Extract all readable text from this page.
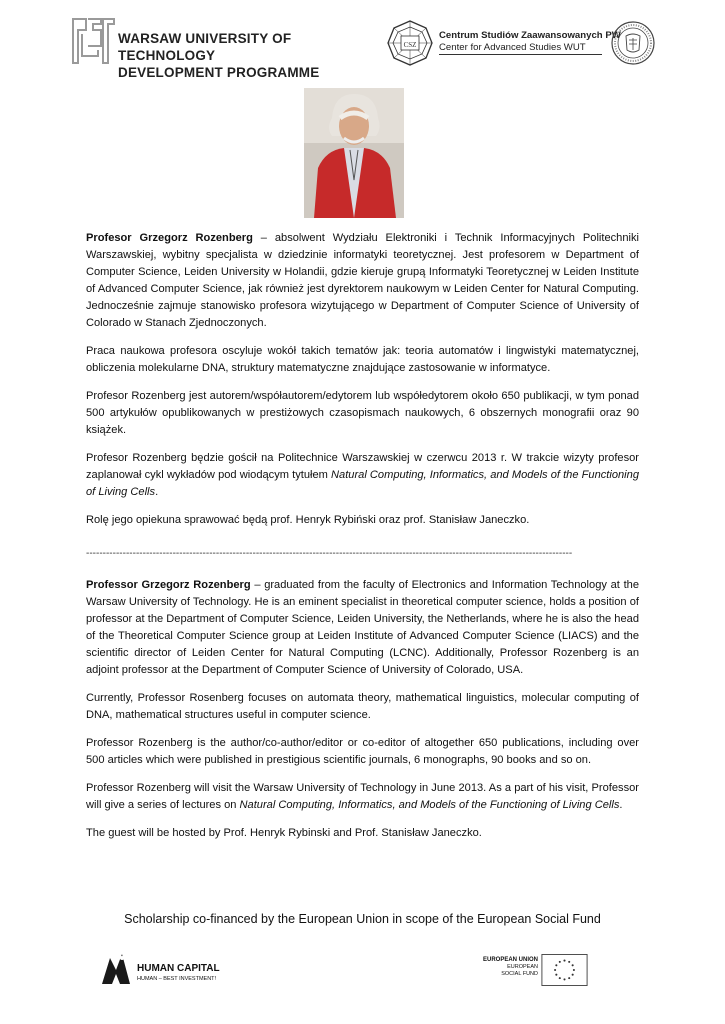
WARSAW UNIVERSITY OF TECHNOLOGY
DEVELOPMENT PROGRAMME
CSZ
Centrum Studiów Zaawansowanych PW
Center for Advanced Studies WUT

Profesor Grzegorz Rozenberg – absolwent Wydziału Elektroniki i Technik Informacyjnych Politechniki Warszawskiej, wybitny specjalista w dziedzinie informatyki teoretycznej. Jest profesorem w Department of Computer Science, Leiden University w Holandii, gdzie kieruje grupą Informatyki Teoretycznej w Leiden Institute of Advanced Computer Science, jak również jest dyrektorem naukowym w Leiden Center for Natural Computing. Jednocześnie zajmuje stanowisko profesora wizytującego w Department of Computer Science of University of Colorado w Stanach Zjednoczonych.

Praca naukowa profesora oscyluje wokół takich tematów jak: teoria automatów i lingwistyki matematycznej, obliczenia molekularne DNA, struktury matematyczne znajdujące zastosowanie w informatyce.

Profesor Rozenberg jest autorem/współautorem/edytorem lub współedytorem około 650 publikacji, w tym ponad 500 artykułów opublikowanych w prestiżowych czasopismach naukowych, 6 obszernych monografii oraz 90 książek.

Profesor Rozenberg będzie gościł na Politechnice Warszawskiej w czerwcu 2013 r. W trakcie wizyty profesor zaplanował cykl wykładów pod wiodącym tytułem Natural Computing, Informatics, and Models of the Functioning of Living Cells.

Rolę jego opiekuna sprawować będą prof. Henryk Rybiński oraz prof. Stanisław Janeczko.

--------------------------------------------------------------------------------------------------------------------------------------------------

Professor Grzegorz Rozenberg – graduated from the faculty of Electronics and Information Technology at the Warsaw University of Technology. He is an eminent specialist in theoretical computer science, holds a position of professor at the Department of Computer Science, Leiden University, the Netherlands, where he is also the head of the Theoretical Computer Science group at Leiden Institute of Advanced Computer Science (LIACS) and the scientific director of Leiden Center for Natural Computing (LCNC). Additionally, Professor Rozenberg is an adjoint professor at the Department of Computer Science of University of Colorado, USA.

Currently, Professor Rosenberg focuses on automata theory, mathematical linguistics, molecular computing of DNA, mathematical structures useful in computer science.

Professor Rozenberg is the author/co-author/editor or co-editor of altogether 650 publications, including over 500 articles which were published in prestigious scientific journals, 6 monographs, 90 books and so on.

Professor Rozenberg will visit the Warsaw University of Technology in June 2013. As a part of his visit, Professor will give a series of lectures on Natural Computing, Informatics, and Models of the Functioning of Living Cells.

The guest will be hosted by Prof. Henryk Rybinski and Prof. Stanisław Janeczko.

Scholarship co-financed by the European Union in scope of the European Social Fund
HUMAN CAPITAL
HUMAN – BEST INVESTMENT!
EUROPEAN UNION
EUROPEAN
SOCIAL FUND
